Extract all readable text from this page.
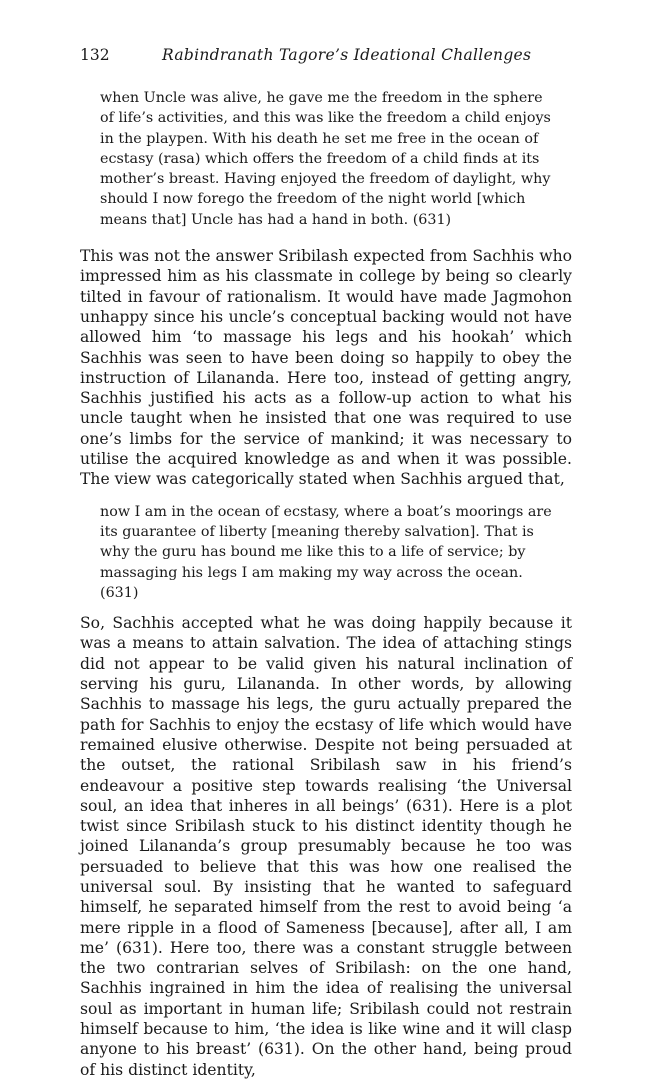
132	Rabindranath Tagore’s Ideational Challenges

when Uncle was alive, he gave me the freedom in the sphere of life’s activities, and this was like the freedom a child enjoys in the playpen. With his death he set me free in the ocean of ecstasy (rasa) which offers the freedom of a child finds at its mother’s breast. Having enjoyed the freedom of daylight, why should I now forego the freedom of the night world [which means that] Uncle has had a hand in both. (631)

This was not the answer Sribilash expected from Sachhis who impressed him as his classmate in college by being so clearly tilted in favour of rationalism. It would have made Jagmohon unhappy since his uncle’s conceptual backing would not have allowed him ‘to massage his legs and his hookah’ which Sachhis was seen to have been doing so happily to obey the instruction of Lilananda. Here too, instead of getting angry, Sachhis justified his acts as a follow-up action to what his uncle taught when he insisted that one was required to use one’s limbs for the service of mankind; it was necessary to utilise the acquired knowledge as and when it was possible. The view was categorically stated when Sachhis argued that,

now I am in the ocean of ecstasy, where a boat’s moorings are its guarantee of liberty [meaning thereby salvation]. That is why the guru has bound me like this to a life of service; by massaging his legs I am making my way across the ocean. (631)

So, Sachhis accepted what he was doing happily because it was a means to attain salvation. The idea of attaching stings did not appear to be valid given his natural inclination of serving his guru, Lilananda. In other words, by allowing Sachhis to massage his legs, the guru actually prepared the path for Sachhis to enjoy the ecstasy of life which would have remained elusive otherwise. Despite not being persuaded at the outset, the rational Sribilash saw in his friend’s endeavour a positive step towards realising ‘the Universal soul, an idea that inheres in all beings’ (631). Here is a plot twist since Sribilash stuck to his distinct identity though he joined Lilananda’s group presumably because he too was persuaded to believe that this was how one realised the universal soul. By insisting that he wanted to safeguard himself, he separated himself from the rest to avoid being ‘a mere ripple in a flood of Sameness [because], after all, I am me’ (631). Here too, there was a constant struggle between the two contrarian selves of Sribilash: on the one hand, Sachhis ingrained in him the idea of realising the universal soul as important in human life; Sribilash could not restrain himself because to him, ‘the idea is like wine and it will clasp anyone to his breast’ (631). On the other hand, being proud of his distinct identity,
